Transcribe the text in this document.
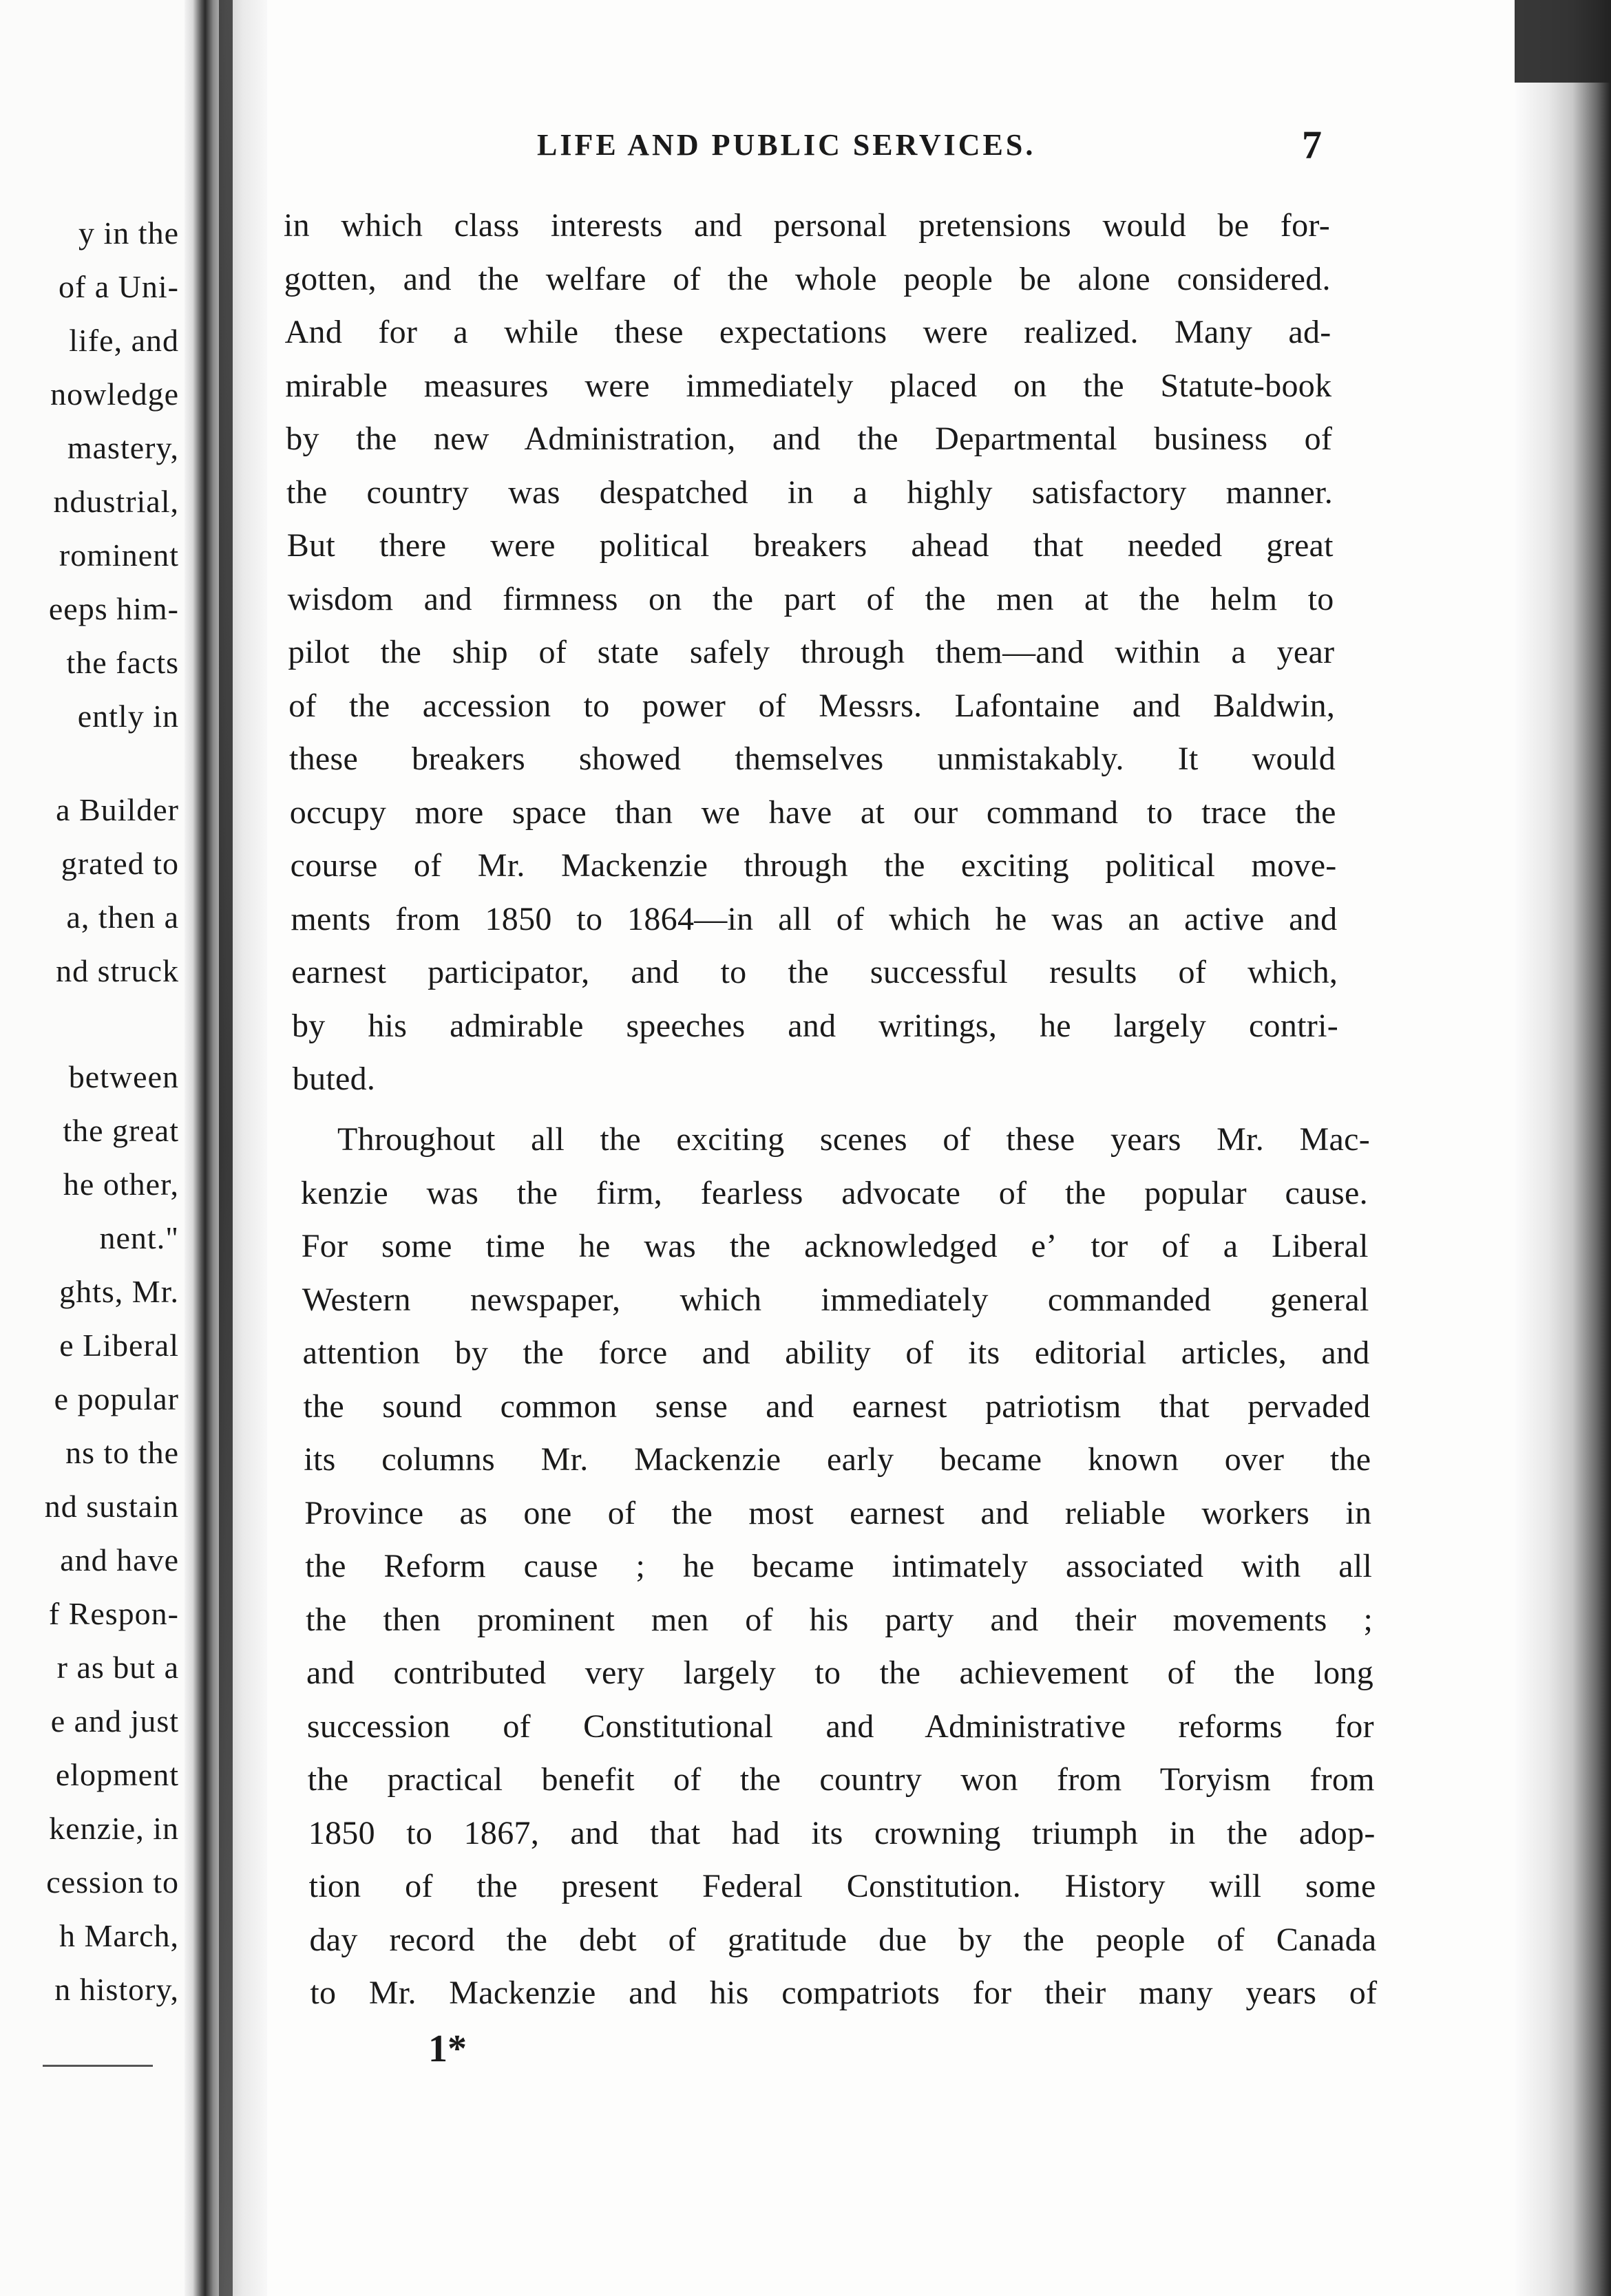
y in the
of a Uni-
life, and
nowledge
mastery,
ndustrial,
rominent
eeps him-
the facts
ently in
a Builder
grated to
a, then a
nd struck
between
the great
he other,
nent."
ghts, Mr.
e Liberal
e popular
ns to the
nd sustain
and have
f Respon-
r as but a
e and just
elopment
kenzie, in
cession to
h March,
n history,
LIFE AND PUBLIC SERVICES.	7
in which class interests and personal pretensions would be for-
gotten, and the welfare of the whole people be alone considered.
And for a while these expectations were realized. Many ad-
mirable measures were immediately placed on the Statute-book
by the new Administration, and the Departmental business of
the country was despatched in a highly satisfactory manner.
But there were political breakers ahead that needed great
wisdom and firmness on the part of the men at the helm to
pilot the ship of state safely through them—and within a year
of the accession to power of Messrs. Lafontaine and Baldwin,
these breakers showed themselves unmistakably. It would
occupy more space than we have at our command to trace the
course of Mr. Mackenzie through the exciting political move-
ments from 1850 to 1864—in all of which he was an active and
earnest participator, and to the successful results of which,
by his admirable speeches and writings, he largely contri-
buted.
Throughout all the exciting scenes of these years Mr. Mac-
kenzie was the firm, fearless advocate of the popular cause.
For some time he was the acknowledged eʼ tor of a Liberal
Western newspaper, which immediately commanded general
attention by the force and ability of its editorial articles, and
the sound common sense and earnest patriotism that pervaded
its columns Mr. Mackenzie early became known over the
Province as one of the most earnest and reliable workers in
the Reform cause ; he became intimately associated with all
the then prominent men of his party and their movements ;
and contributed very largely to the achievement of the long
succession of Constitutional and Administrative reforms for
the practical benefit of the country won from Toryism from
1850 to 1867, and that had its crowning triumph in the adop-
tion of the present Federal Constitution. History will some
day record the debt of gratitude due by the people of Canada
to Mr. Mackenzie and his compatriots for their many years of
1*
